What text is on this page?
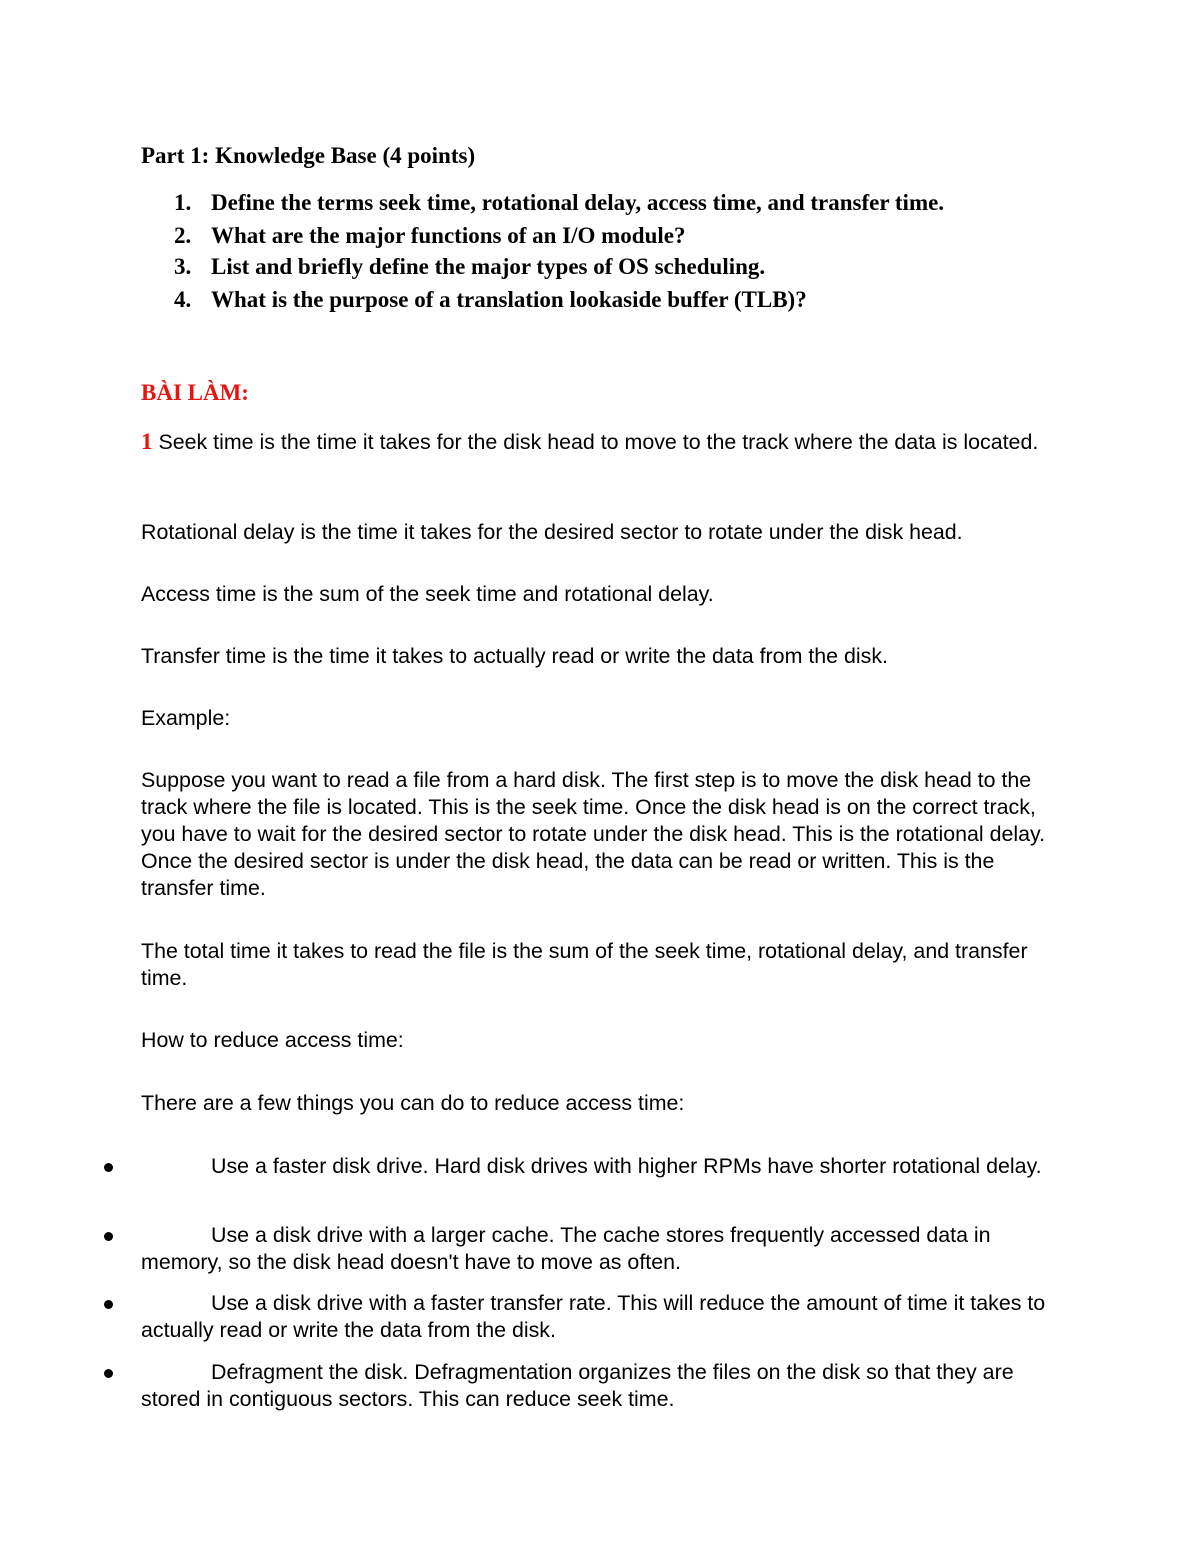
Part 1: Knowledge Base (4 points)
1. Define the terms seek time, rotational delay, access time, and transfer time.
2. What are the major functions of an I/O module?
3. List and briefly define the major types of OS scheduling.
4. What is the purpose of a translation lookaside buffer (TLB)?
BÀI LÀM:
1 Seek time is the time it takes for the disk head to move to the track where the data is located.
Rotational delay is the time it takes for the desired sector to rotate under the disk head.
Access time is the sum of the seek time and rotational delay.
Transfer time is the time it takes to actually read or write the data from the disk.
Example:
Suppose you want to read a file from a hard disk. The first step is to move the disk head to the track where the file is located. This is the seek time. Once the disk head is on the correct track, you have to wait for the desired sector to rotate under the disk head. This is the rotational delay. Once the desired sector is under the disk head, the data can be read or written. This is the transfer time.
The total time it takes to read the file is the sum of the seek time, rotational delay, and transfer time.
How to reduce access time:
There are a few things you can do to reduce access time:
Use a faster disk drive. Hard disk drives with higher RPMs have shorter rotational delay.
Use a disk drive with a larger cache. The cache stores frequently accessed data in memory, so the disk head doesn't have to move as often.
Use a disk drive with a faster transfer rate. This will reduce the amount of time it takes to actually read or write the data from the disk.
Defragment the disk. Defragmentation organizes the files on the disk so that they are stored in contiguous sectors. This can reduce seek time.
